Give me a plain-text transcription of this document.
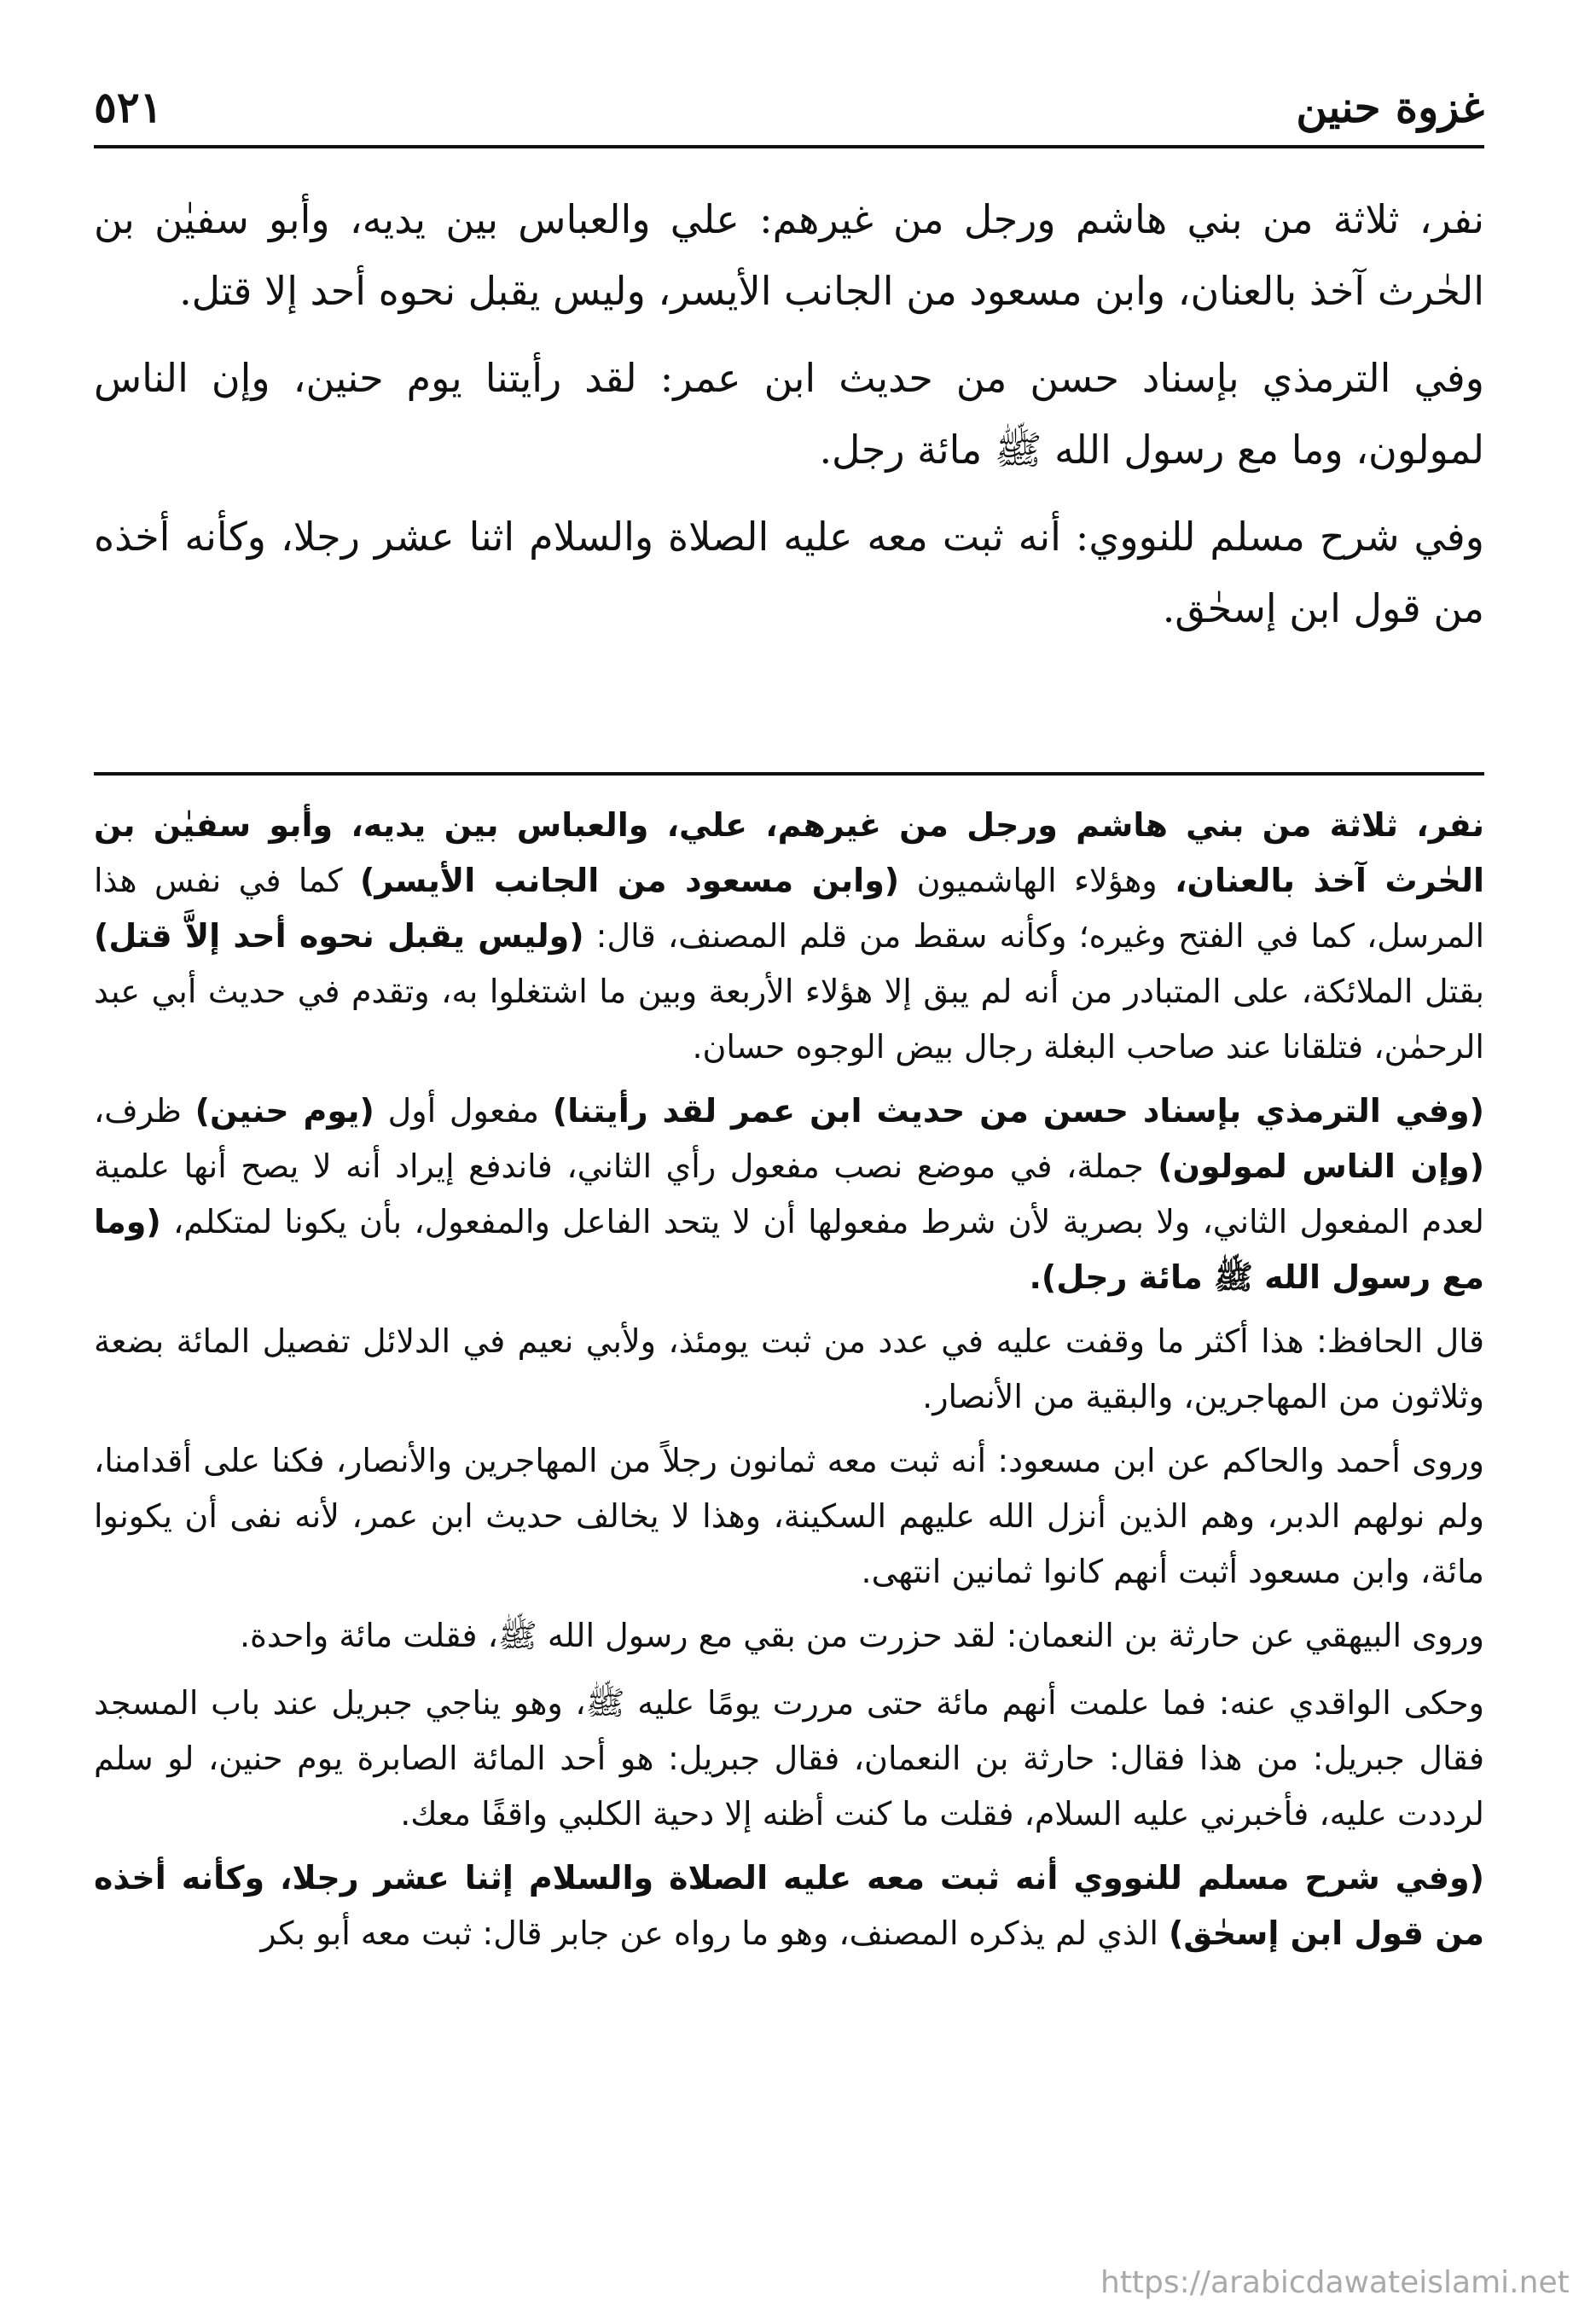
غزوة حنين
٥٢١

نفر، ثلاثة من بني هاشم ورجل من غيرهم: علي والعباس بين يديه، وأبو سفيٰن بن الحٰرث آخذ بالعنان، وابن مسعود من الجانب الأيسر، وليس يقبل نحوه أحد إلا قتل.

وفي الترمذي بإسناد حسن من حديث ابن عمر: لقد رأيتنا يوم حنين، وإن الناس لمولون، وما مع رسول الله ﷺ مائة رجل.

وفي شرح مسلم للنووي: أنه ثبت معه عليه الصلاة والسلام اثنا عشر رجلا، وكأنه أخذه من قول ابن إسحٰق.

نفر، ثلاثة من بني هاشم ورجل من غيرهم، علي، والعباس بين يديه، وأبو سفيٰن بن الحٰرث آخذ بالعنان، وهؤلاء الهاشميون (وابن مسعود من الجانب الأيسر) كما في نفس هذا المرسل، كما في الفتح وغيره؛ وكأنه سقط من قلم المصنف، قال: (وليس يقبل نحوه أحد إلاَّ قتل) بقتل الملائكة، على المتبادر من أنه لم يبق إلا هؤلاء الأربعة وبين ما اشتغلوا به، وتقدم في حديث أبي عبد الرحمٰن، فتلقانا عند صاحب البغلة رجال بيض الوجوه حسان.

(وفي الترمذي بإسناد حسن من حديث ابن عمر لقد رأيتنا) مفعول أول (يوم حنين) ظرف، (وإن الناس لمولون) جملة، في موضع نصب مفعول رأي الثاني، فاندفع إيراد أنه لا يصح أنها علمية لعدم المفعول الثاني، ولا بصرية لأن شرط مفعولها أن لا يتحد الفاعل والمفعول، بأن يكونا لمتكلم، (وما مع رسول الله ﷺ مائة رجل).

قال الحافظ: هذا أكثر ما وقفت عليه في عدد من ثبت يومئذ، ولأبي نعيم في الدلائل تفصيل المائة بضعة وثلاثون من المهاجرين، والبقية من الأنصار.

وروى أحمد والحاكم عن ابن مسعود: أنه ثبت معه ثمانون رجلاً من المهاجرين والأنصار، فكنا على أقدامنا، ولم نولهم الدبر، وهم الذين أنزل الله عليهم السكينة، وهذا لا يخالف حديث ابن عمر، لأنه نفى أن يكونوا مائة، وابن مسعود أثبت أنهم كانوا ثمانين انتهى.

وروى البيهقي عن حارثة بن النعمان: لقد حزرت من بقي مع رسول الله ﷺ، فقلت مائة واحدة.

وحكى الواقدي عنه: فما علمت أنهم مائة حتى مررت يومًا عليه ﷺ، وهو يناجي جبريل عند باب المسجد فقال جبريل: من هذا فقال: حارثة بن النعمان، فقال جبريل: هو أحد المائة الصابرة يوم حنين، لو سلم لرددت عليه، فأخبرني عليه السلام، فقلت ما كنت أظنه إلا دحية الكلبي واقفًا معك.

(وفي شرح مسلم للنووي أنه ثبت معه عليه الصلاة والسلام إثنا عشر رجلا، وكأنه أخذه من قول ابن إسحٰق) الذي لم يذكره المصنف، وهو ما رواه عن جابر قال: ثبت معه أبو بكر

https://arabicdawateislami.net
